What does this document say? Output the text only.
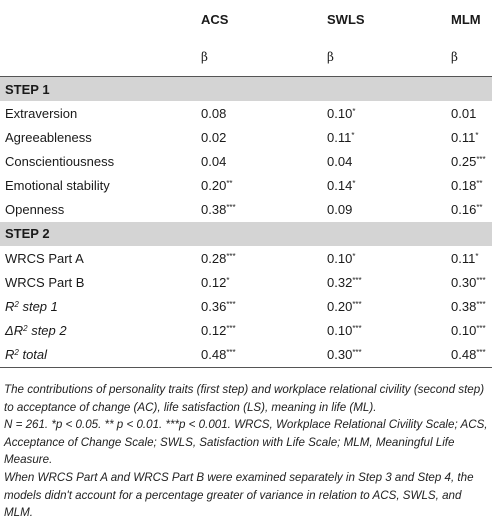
	ACS	SWLS	MLM
	β	β	β
STEP 1			
Extraversion	0.08	0.10*	0.01
Agreeableness	0.02	0.11*	0.11*
Conscientiousness	0.04	0.04	0.25***
Emotional stability	0.20**	0.14*	0.18**
Openness	0.38***	0.09	0.16**
STEP 2			
WRCS Part A	0.28***	0.10*	0.11*
WRCS Part B	0.12*	0.32***	0.30***
$R^2$ step 1	0.36***	0.20***	0.38***
$\Delta R^2$ step 2	0.12***	0.10***	0.10***
$R^2$ total	0.48***	0.30***	0.48***

The contributions of personality traits (first step) and workplace relational civility (second step) to acceptance of change (AC), life satisfaction (LS), meaning in life (ML).

N = 261. *p < 0.05. ** p < 0.01. ***p < 0.001. WRCS, Workplace Relational Civility Scale; ACS, Acceptance of Change Scale; SWLS, Satisfaction with Life Scale; MLM, Meaningful Life Measure.

When WRCS Part A and WRCS Part B were examined separately in Step 3 and Step 4, the models didn't account for a percentage greater of variance in relation to ACS, SWLS, and MLM.
